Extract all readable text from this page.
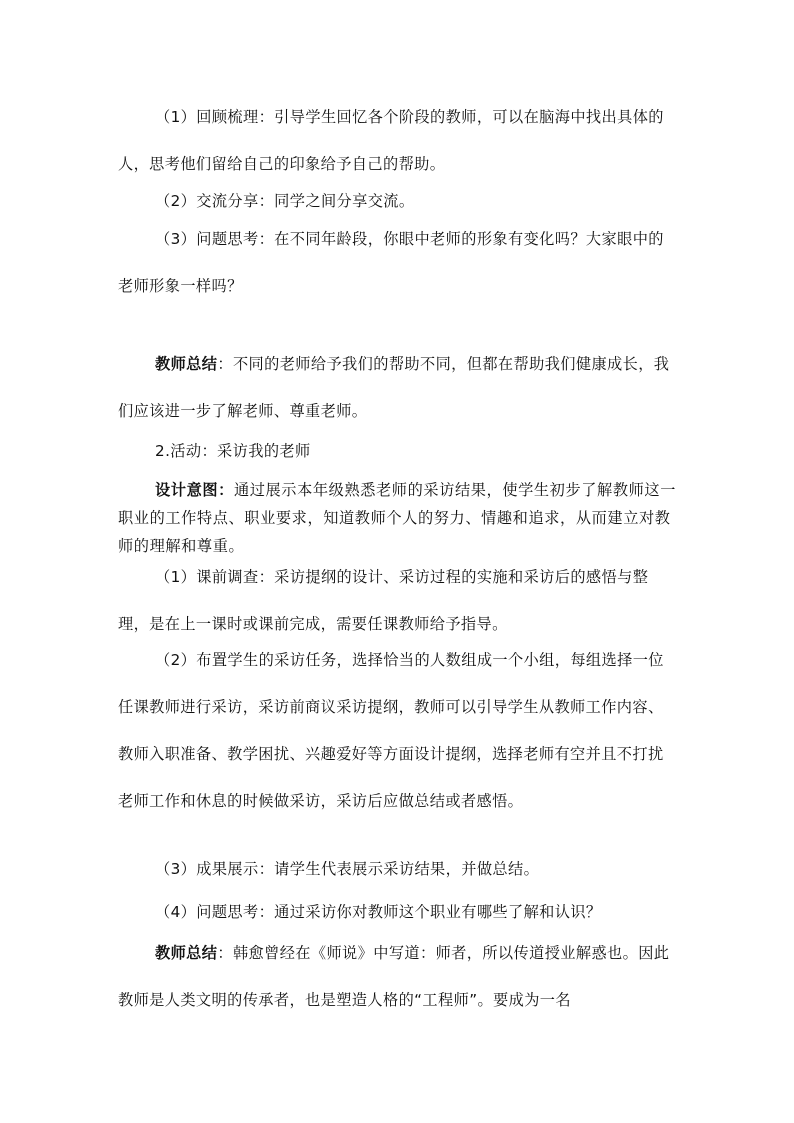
（1）回顾梳理：引导学生回忆各个阶段的教师，可以在脑海中找出具体的人，思考他们留给自己的印象给予自己的帮助。

（2）交流分享：同学之间分享交流。

（3）问题思考：在不同年龄段，你眼中老师的形象有变化吗？大家眼中的老师形象一样吗？

教师总结：不同的老师给予我们的帮助不同，但都在帮助我们健康成长，我们应该进一步了解老师、尊重老师。

2.活动：采访我的老师

设计意图：通过展示本年级熟悉老师的采访结果，使学生初步了解教师这一职业的工作特点、职业要求，知道教师个人的努力、情趣和追求，从而建立对教师的理解和尊重。

（1）课前调查：采访提纲的设计、采访过程的实施和采访后的感悟与整理，是在上一课时或课前完成，需要任课教师给予指导。

（2）布置学生的采访任务，选择恰当的人数组成一个小组，每组选择一位任课教师进行采访，采访前商议采访提纲，教师可以引导学生从教师工作内容、教师入职准备、教学困扰、兴趣爱好等方面设计提纲，选择老师有空并且不打扰老师工作和休息的时候做采访，采访后应做总结或者感悟。

（3）成果展示：请学生代表展示采访结果，并做总结。

（4）问题思考：通过采访你对教师这个职业有哪些了解和认识？

教师总结：韩愈曾经在《师说》中写道：师者，所以传道授业解惑也。因此教师是人类文明的传承者，也是塑造人格的“工程师”。要成为一名
